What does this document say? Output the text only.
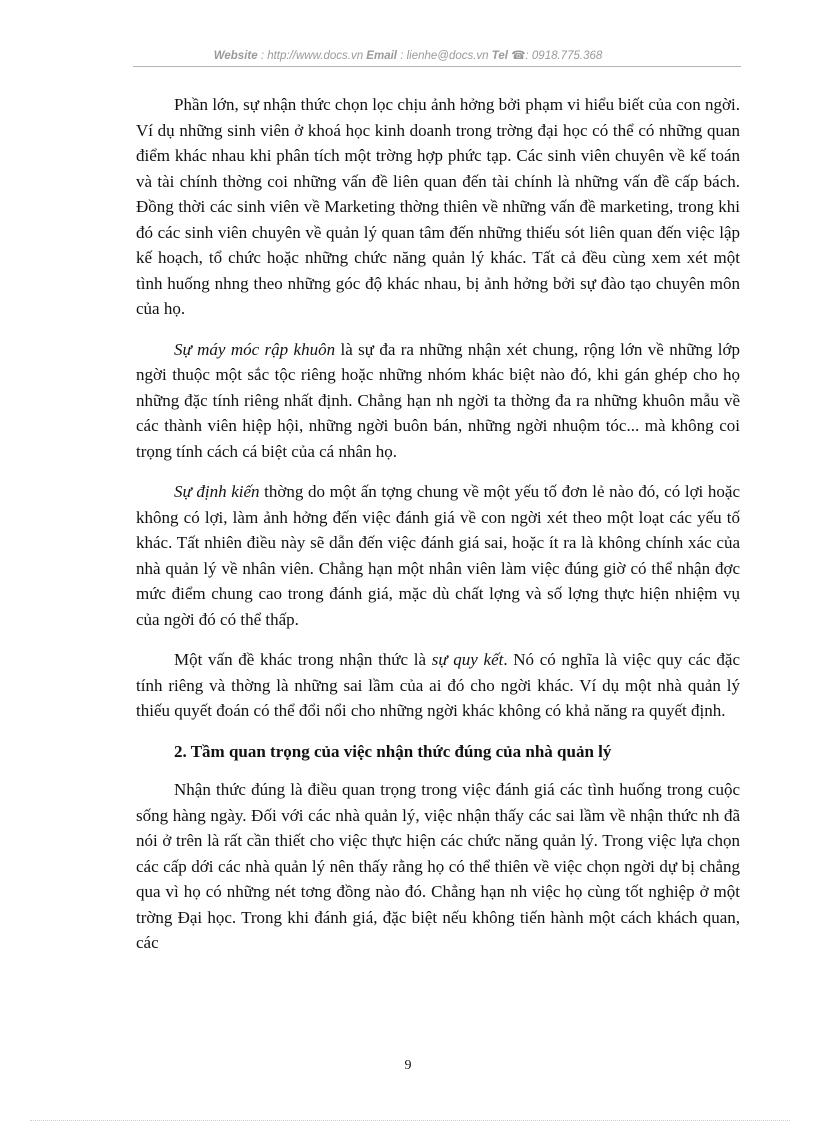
Website : http://www.docs.vn Email : lienhe@docs.vn Tel ☎: 0918.775.368

Phần lớn, sự nhận thức chọn lọc chịu ảnh hởng bởi phạm vi hiểu biết của con ngời. Ví dụ những sinh viên ở khoá học kinh doanh trong trờng đại học có thể có những quan điểm khác nhau khi phân tích một trờng hợp phức tạp. Các sinh viên chuyên về kế toán và tài chính thờng coi những vấn đề liên quan đến tài chính là những vấn đề cấp bách. Đồng thời các sinh viên về Marketing thờng thiên về những vấn đề marketing, trong khi đó các sinh viên chuyên về quản lý quan tâm đến những thiếu sót liên quan đến việc lập kế hoạch, tổ chức hoặc những chức năng quản lý khác. Tất cả đều cùng xem xét một tình huống nhng theo những góc độ khác nhau, bị ảnh hởng bởi sự đào tạo chuyên môn của họ.

Sự máy móc rập khuôn là sự đa ra những nhận xét chung, rộng lớn về những lớp ngời thuộc một sắc tộc riêng hoặc những nhóm khác biệt nào đó, khi gán ghép cho họ những đặc tính riêng nhất định. Chẳng hạn nh ngời ta thờng đa ra những khuôn mẫu về các thành viên hiệp hội, những ngời buôn bán, những ngời nhuộm tóc... mà không coi trọng tính cách cá biệt của cá nhân họ.

Sự định kiến thờng do một ấn tợng chung về một yếu tố đơn lẻ nào đó, có lợi hoặc không có lợi, làm ảnh hởng đến việc đánh giá về con ngời xét theo một loạt các yếu tố khác. Tất nhiên điều này sẽ dẫn đến việc đánh giá sai, hoặc ít ra là không chính xác của nhà quản lý về nhân viên. Chẳng hạn một nhân viên làm việc đúng giờ có thể nhận đợc mức điểm chung cao trong đánh giá, mặc dù chất lợng và số lợng thực hiện nhiệm vụ của ngời đó có thể thấp.

Một vấn đề khác trong nhận thức là sự quy kết. Nó có nghĩa là việc quy các đặc tính riêng và thờng là những sai lầm của ai đó cho ngời khác. Ví dụ một nhà quản lý thiếu quyết đoán có thể đổi nổi cho những ngời khác không có khả năng ra quyết định.

2. Tầm quan trọng của việc nhận thức đúng của nhà quản lý

Nhận thức đúng là điều quan trọng trong việc đánh giá các tình huống trong cuộc sống hàng ngày. Đối với các nhà quản lý, việc nhận thấy các sai lầm về nhận thức nh đã nói ở trên là rất cần thiết cho việc thực hiện các chức năng quản lý. Trong việc lựa chọn các cấp dới các nhà quản lý nên thấy rằng họ có thể thiên về việc chọn ngời dự bị chẳng qua vì họ có những nét tơng đồng nào đó. Chẳng hạn nh việc họ cùng tốt nghiệp ở một trờng Đại học. Trong khi đánh giá, đặc biệt nếu không tiến hành một cách khách quan, các

9
